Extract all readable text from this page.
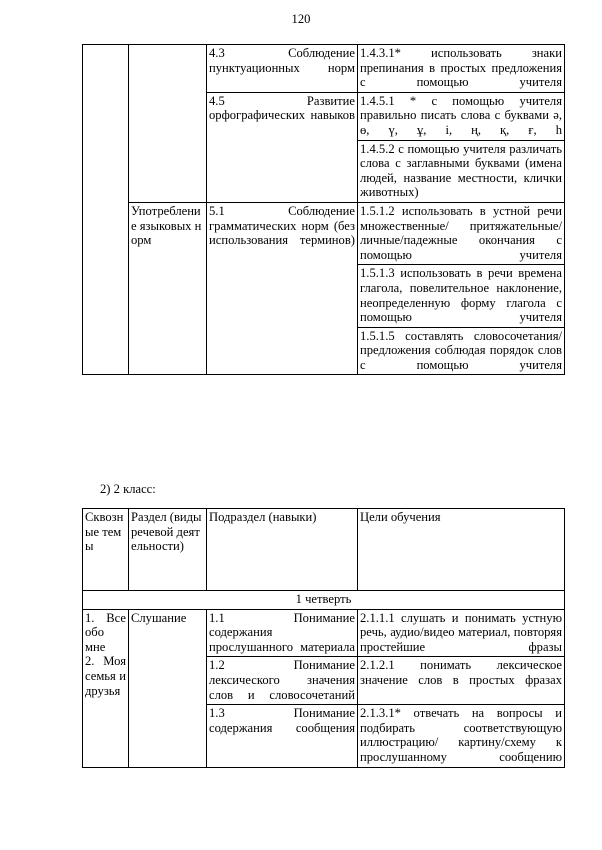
120
		4.3 Соблюдение пунктуационных норм	1.4.3.1* использовать знаки препинания в простых предложения с помощью учителя
		4.5 Развитие орфографических навыков	1.4.5.1 * с помощью учителя правильно писать слова с буквами ә, ө, ү, ұ, і, ң, қ, ғ, һ
			1.4.5.2 с помощью учителя различать слова с заглавными буквами (имена людей, название местности, клички животных)
	Употребление языковых норм	5.1 Соблюдение грамматических норм (без использования терминов)	1.5.1.2 использовать в устной речи множественные/ притяжательные/личные/падежные окончания с помощью учителя
			1.5.1.3 использовать в речи времена глагола, повелительное наклонение, неопределенную форму глагола с помощью учителя
			1.5.1.5 составлять словосочетания/ предложения соблюдая порядок слов с помощью учителя
2) 2 класс:
Сквозные темы	Раздел (виды речевой деятельности)	Подраздел (навыки)	Цели обучения
1 четверть			

1. Все обо мне
2. Моя семья и друзья	Слушание	1.1 Понимание содержания прослушанного материала	2.1.1.1 слушать и понимать устную речь, аудио/видео материал, повторяя простейшие фразы
		1.2 Понимание лексического значения слов и словосочетаний	2.1.2.1 понимать лексическое значение слов в простых фразах
		1.3 Понимание содержания сообщения	2.1.3.1* отвечать на вопросы и подбирать соответствующую иллюстрацию/ картину/схему к прослушанному сообщению
